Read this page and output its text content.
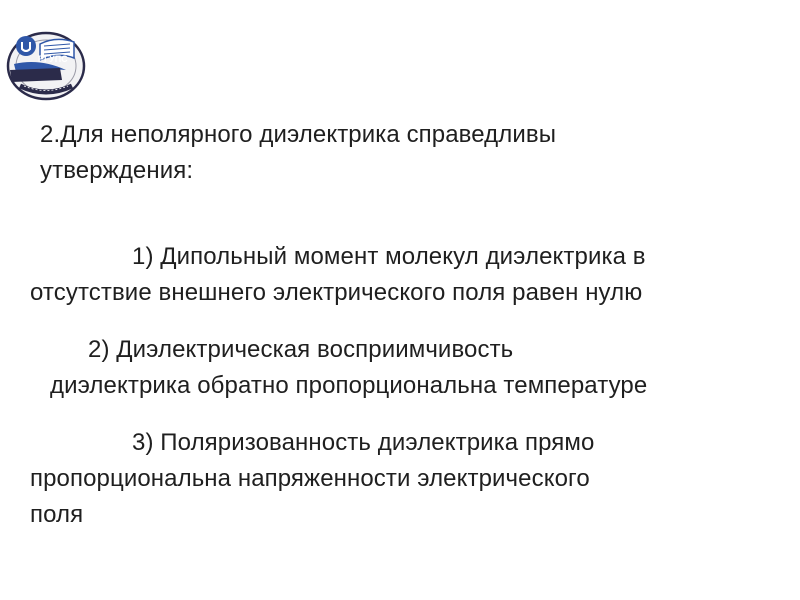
РГУПС
2.Для неполярного диэлектрика справедливы
утверждения:
1) Дипольный момент молекул диэлектрика в
отсутствие внешнего электрического поля равен нулю
2) Диэлектрическая восприимчивость
диэлектрика обратно пропорциональна температуре
3) Поляризованность диэлектрика прямо
пропорциональна напряженности электрического
поля
